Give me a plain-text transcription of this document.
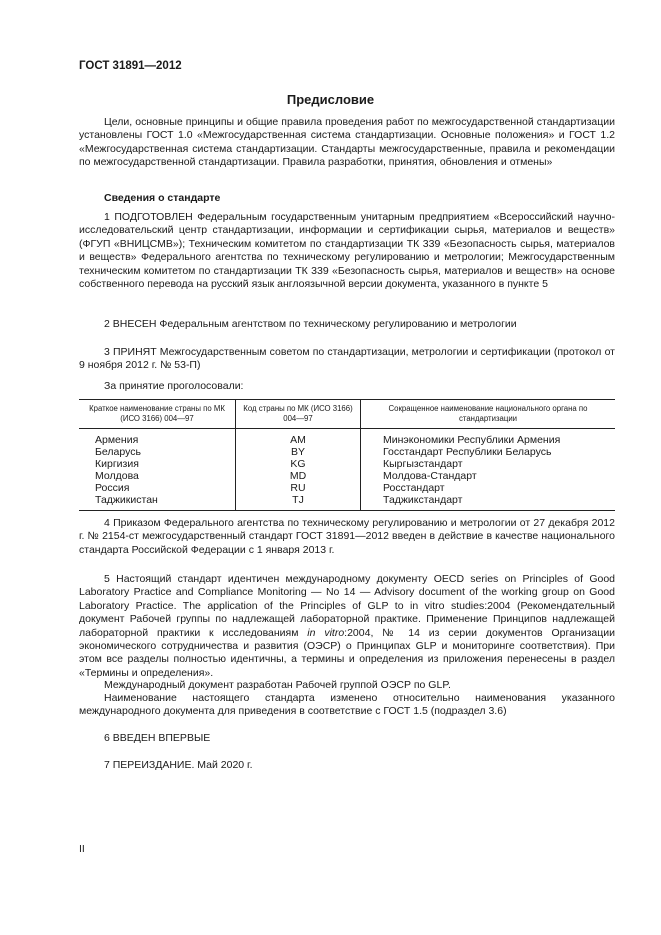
ГОСТ 31891—2012
Предисловие

Цели, основные принципы и общие правила проведения работ по межгосударственной стандартизации установлены ГОСТ 1.0 «Межгосударственная система стандартизации. Основные положения» и ГОСТ 1.2 «Межгосударственная система стандартизации. Стандарты межгосударственные, правила и рекомендации по межгосударственной стандартизации. Правила разработки, принятия, обновления и отмены»

Сведения о стандарте

1 ПОДГОТОВЛЕН Федеральным государственным унитарным предприятием «Всероссийский научно-исследовательский центр стандартизации, информации и сертификации сырья, материалов и веществ» (ФГУП «ВНИЦСМВ»); Техническим комитетом по стандартизации ТК 339 «Безопасность сырья, материалов и веществ» Федерального агентства по техническому регулированию и метрологии; Межгосударственным техническим комитетом по стандартизации ТК 339 «Безопасность сырья, материалов и веществ» на основе собственного перевода на русский язык англоязычной версии документа, указанного в пункте 5

2 ВНЕСЕН Федеральным агентством по техническому регулированию и метрологии

3 ПРИНЯТ Межгосударственным советом по стандартизации, метрологии и сертификации (протокол от 9 ноября 2012 г. № 53-П)

За принятие проголосовали:

Краткое наименование страны по МК (ИСО 3166) 004—97	Код страны по МК (ИСО 3166) 004—97	Сокращенное наименование национального органа по стандартизации
Армения	AM	Минэкономики Республики Армения
Беларусь	BY	Госстандарт Республики Беларусь
Киргизия	KG	Кыргызстандарт
Молдова	MD	Молдова-Стандарт
Россия	RU	Росстандарт
Таджикистан	TJ	Таджикстандарт

4 Приказом Федерального агентства по техническому регулированию и метрологии от 27 декабря 2012 г. № 2154-ст межгосударственный стандарт ГОСТ 31891—2012 введен в действие в качестве национального стандарта Российской Федерации с 1 января 2013 г.

5 Настоящий стандарт идентичен международному документу OECD series on Principles of Good Laboratory Practice and Compliance Monitoring — No 14 — Advisory document of the working group on Good Laboratory Practice. The application of the Principles of GLP to in vitro studies:2004 (Рекомендательный документ Рабочей группы по надлежащей лабораторной практике. Применение Принципов надлежащей лабораторной практики к исследованиям in vitro:2004, № 14 из серии документов Организации экономического сотрудничества и развития (ОЭСР) о Принципах GLP и мониторинге соответствия). При этом все разделы полностью идентичны, а термины и определения из приложения перенесены в раздел «Термины и определения».

Международный документ разработан Рабочей группой ОЭСР по GLP.

Наименование настоящего стандарта изменено относительно наименования указанного международного документа для приведения в соответствие с ГОСТ 1.5 (подраздел 3.6)

6 ВВЕДЕН ВПЕРВЫЕ

7 ПЕРЕИЗДАНИЕ. Май 2020 г.

II
